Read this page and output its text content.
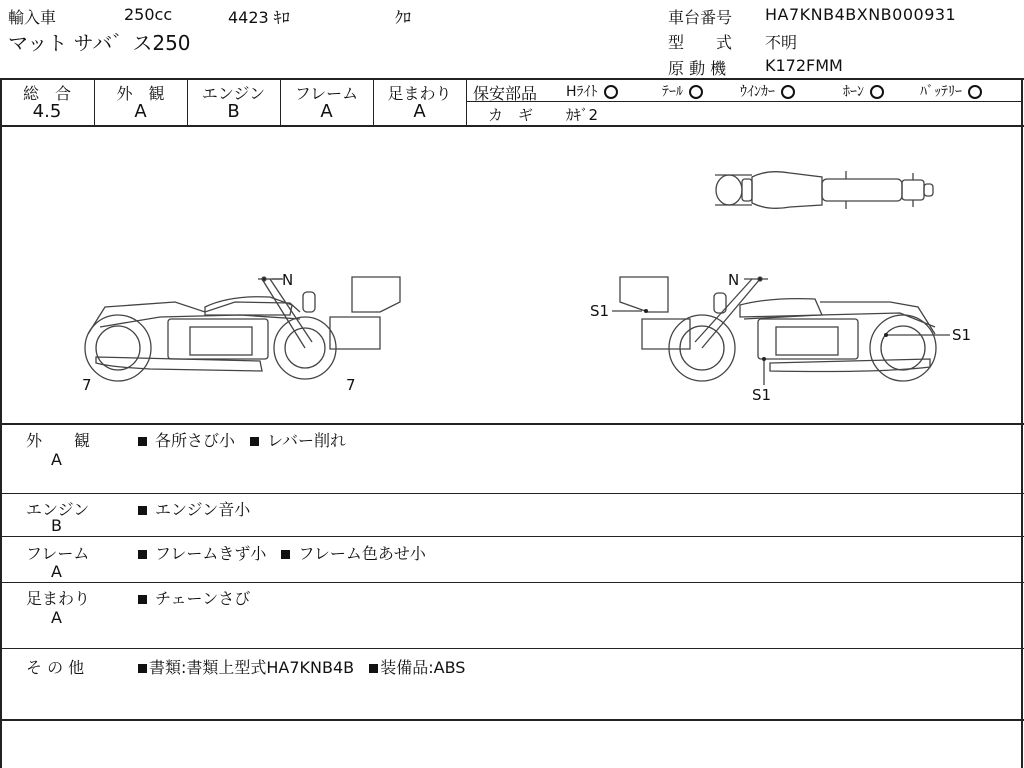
輸入車	250cc	4423 ｷﾛ	ｸﾛ
マット サバ゛ス250
車台番号 HA7KNB4BXNB000931
型　　式 不明
原 動 機 K172FMM
総　合
4.5
外　観
A
エンジン
B
フレーム
A
足まわり
A
保安部品 Hﾗｲﾄ	ﾃｰﾙ	ｳｲﾝｶｰ	ﾎｰﾝ	ﾊﾞｯﾃﾘｰ
カ　ギ ｶｷﾞ2
N
7	7
N
S1
S1
S1
外　　観
A
各所さび小 レバー削れ
エンジン
B
エンジン音小
フレーム
A
フレームきず小 フレーム色あせ小
足まわり
A
チェーンさび
そ の 他	書類:書類上型式HA7KNB4B 装備品:ABS
